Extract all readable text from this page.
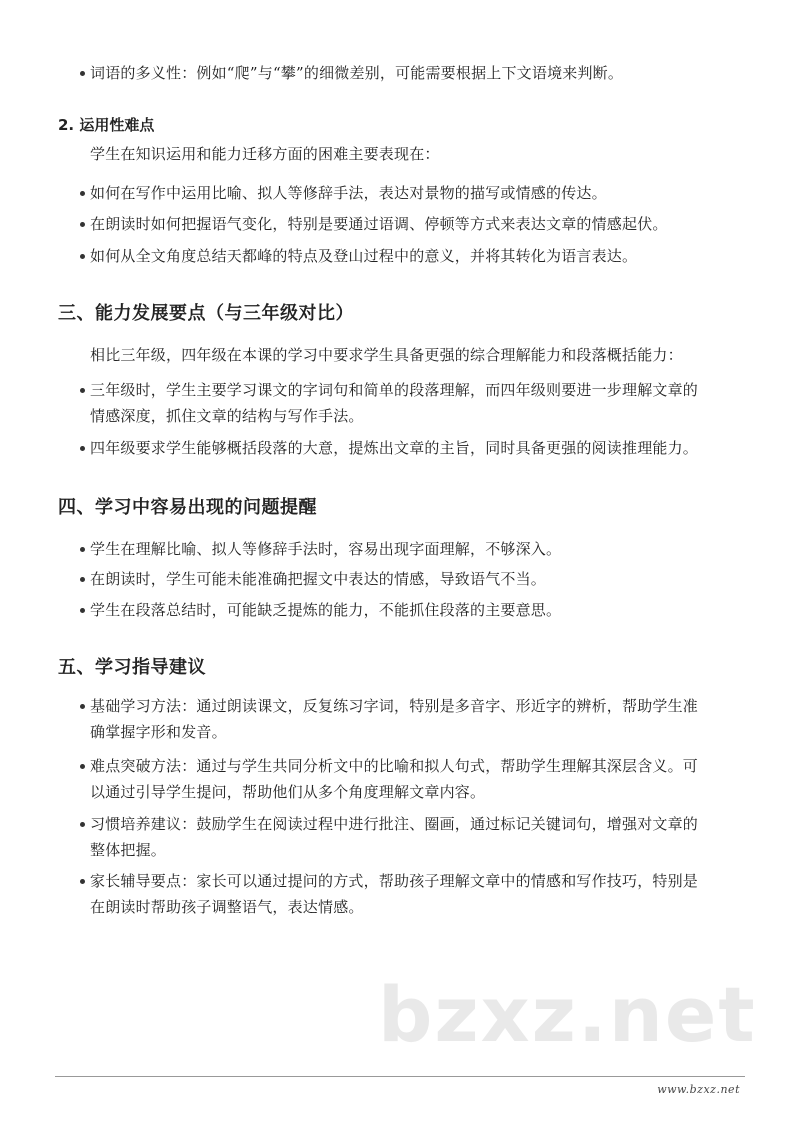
词语的多义性：例如“爬”与“攀”的细微差别，可能需要根据上下文语境来判断。
2. 运用性难点
学生在知识运用和能力迁移方面的困难主要表现在：
如何在写作中运用比喻、拟人等修辞手法，表达对景物的描写或情感的传达。
在朗读时如何把握语气变化，特别是要通过语调、停顿等方式来表达文章的情感起伏。
如何从全文角度总结天都峰的特点及登山过程中的意义，并将其转化为语言表达。
三、能力发展要点（与三年级对比）
相比三年级，四年级在本课的学习中要求学生具备更强的综合理解能力和段落概括能力：
三年级时，学生主要学习课文的字词句和简单的段落理解，而四年级则要进一步理解文章的
情感深度，抓住文章的结构与写作手法。
四年级要求学生能够概括段落的大意，提炼出文章的主旨，同时具备更强的阅读推理能力。
四、学习中容易出现的问题提醒
学生在理解比喻、拟人等修辞手法时，容易出现字面理解，不够深入。
在朗读时，学生可能未能准确把握文中表达的情感，导致语气不当。
学生在段落总结时，可能缺乏提炼的能力，不能抓住段落的主要意思。
五、学习指导建议
基础学习方法：通过朗读课文，反复练习字词，特别是多音字、形近字的辨析，帮助学生准
确掌握字形和发音。
难点突破方法：通过与学生共同分析文中的比喻和拟人句式，帮助学生理解其深层含义。可
以通过引导学生提问，帮助他们从多个角度理解文章内容。
习惯培养建议：鼓励学生在阅读过程中进行批注、圈画，通过标记关键词句，增强对文章的
整体把握。
家长辅导要点：家长可以通过提问的方式，帮助孩子理解文章中的情感和写作技巧，特别是
在朗读时帮助孩子调整语气，表达情感。
bzxz.net
www.bzxz.net
